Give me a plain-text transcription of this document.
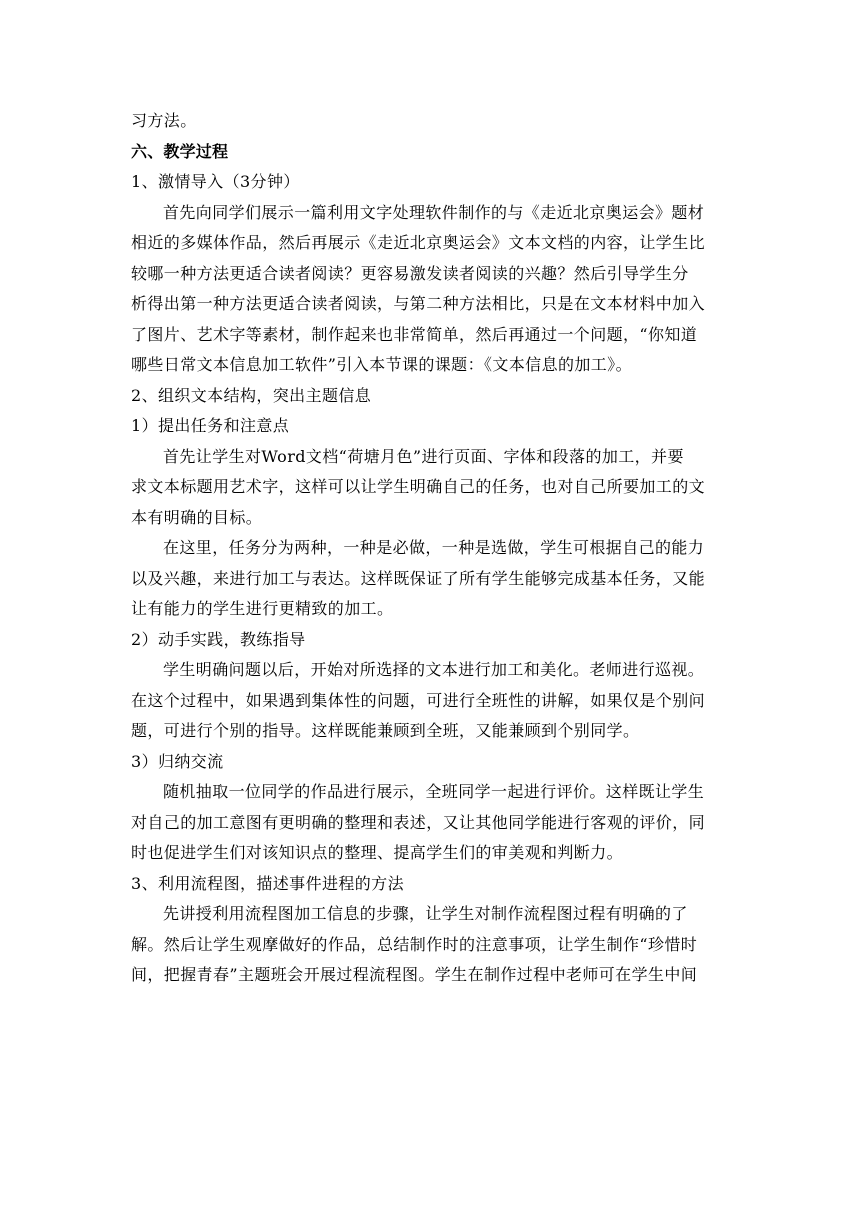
习方法。
六、教学过程
1、激情导入（3分钟）
首先向同学们展示一篇利用文字处理软件制作的与《走近北京奥运会》题材
相近的多媒体作品，然后再展示《走近北京奥运会》文本文档的内容，让学生比
较哪一种方法更适合读者阅读？更容易激发读者阅读的兴趣？然后引导学生分
析得出第一种方法更适合读者阅读，与第二种方法相比，只是在文本材料中加入
了图片、艺术字等素材，制作起来也非常简单，然后再通过一个问题，“你知道
哪些日常文本信息加工软件”引入本节课的课题：《文本信息的加工》。
2、组织文本结构，突出主题信息
1）提出任务和注意点
首先让学生对Word文档“荷塘月色”进行页面、字体和段落的加工，并要
求文本标题用艺术字，这样可以让学生明确自己的任务，也对自己所要加工的文
本有明确的目标。
在这里，任务分为两种，一种是必做，一种是选做，学生可根据自己的能力
以及兴趣，来进行加工与表达。这样既保证了所有学生能够完成基本任务，又能
让有能力的学生进行更精致的加工。
2）动手实践，教练指导
学生明确问题以后，开始对所选择的文本进行加工和美化。老师进行巡视。
在这个过程中，如果遇到集体性的问题，可进行全班性的讲解，如果仅是个别问
题，可进行个别的指导。这样既能兼顾到全班，又能兼顾到个别同学。
3）归纳交流
随机抽取一位同学的作品进行展示，全班同学一起进行评价。这样既让学生
对自己的加工意图有更明确的整理和表述，又让其他同学能进行客观的评价，同
时也促进学生们对该知识点的整理、提高学生们的审美观和判断力。
3、利用流程图，描述事件进程的方法
先讲授利用流程图加工信息的步骤，让学生对制作流程图过程有明确的了
解。然后让学生观摩做好的作品，总结制作时的注意事项，让学生制作“珍惜时
间，把握青春”主题班会开展过程流程图。学生在制作过程中老师可在学生中间
